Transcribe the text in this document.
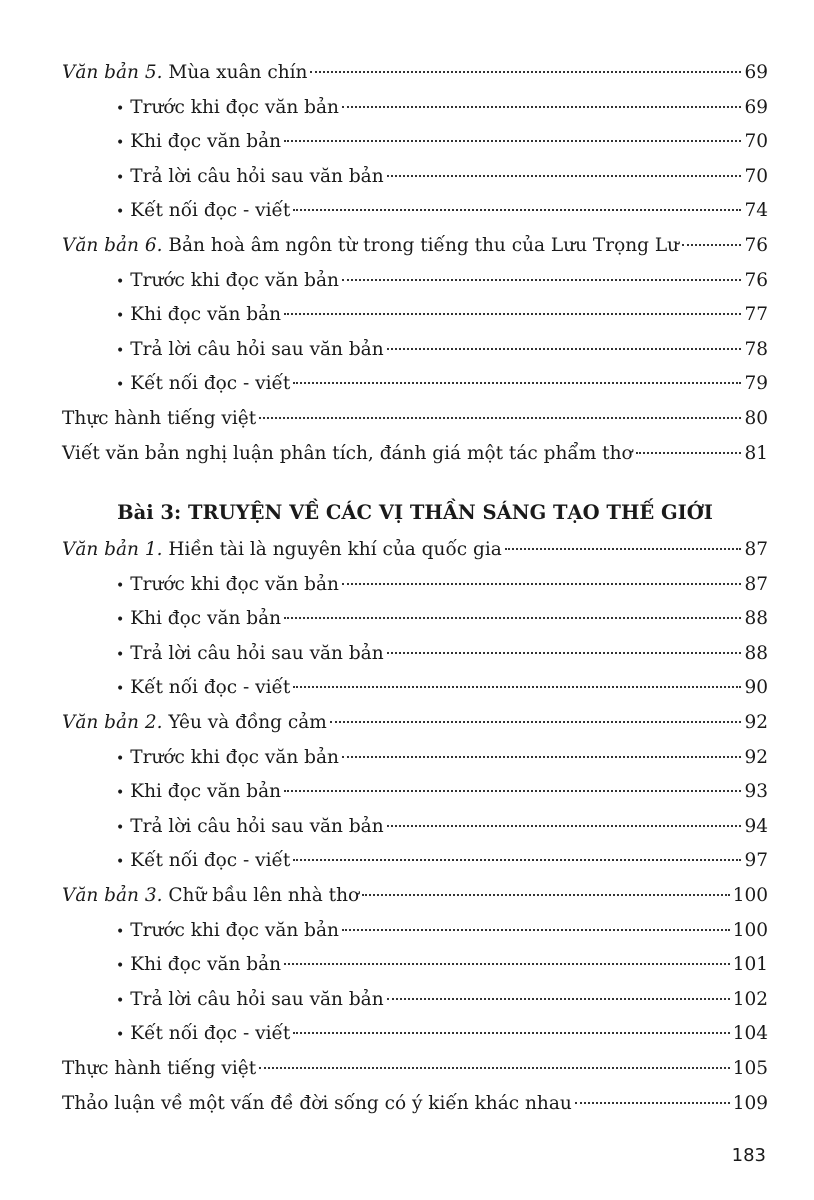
Văn bản 5. Mùa xuân chín	69
• Trước khi đọc văn bản	69
• Khi đọc văn bản	70
• Trả lời câu hỏi sau văn bản	70
• Kết nối đọc - viết	74
Văn bản 6. Bản hoà âm ngôn từ trong tiếng thu của Lưu Trọng Lư	76
• Trước khi đọc văn bản	76
• Khi đọc văn bản	77
• Trả lời câu hỏi sau văn bản	78
• Kết nối đọc - viết	79
Thực hành tiếng việt	80
Viết văn bản nghị luận phân tích, đánh giá một tác phẩm thơ	81
Bài 3: TRUYỆN VỀ CÁC VỊ THẦN SÁNG TẠO THẾ GIỚI
Văn bản 1. Hiền tài là nguyên khí của quốc gia	87
• Trước khi đọc văn bản	87
• Khi đọc văn bản	88
• Trả lời câu hỏi sau văn bản	88
• Kết nối đọc - viết	90
Văn bản 2. Yêu và đồng cảm	92
• Trước khi đọc văn bản	92
• Khi đọc văn bản	93
• Trả lời câu hỏi sau văn bản	94
• Kết nối đọc - viết	97
Văn bản 3. Chữ bầu lên nhà thơ	100
• Trước khi đọc văn bản	100
• Khi đọc văn bản	101
• Trả lời câu hỏi sau văn bản	102
• Kết nối đọc - viết	104
Thực hành tiếng việt	105
Thảo luận về một vấn đề đời sống có ý kiến khác nhau	109
183
